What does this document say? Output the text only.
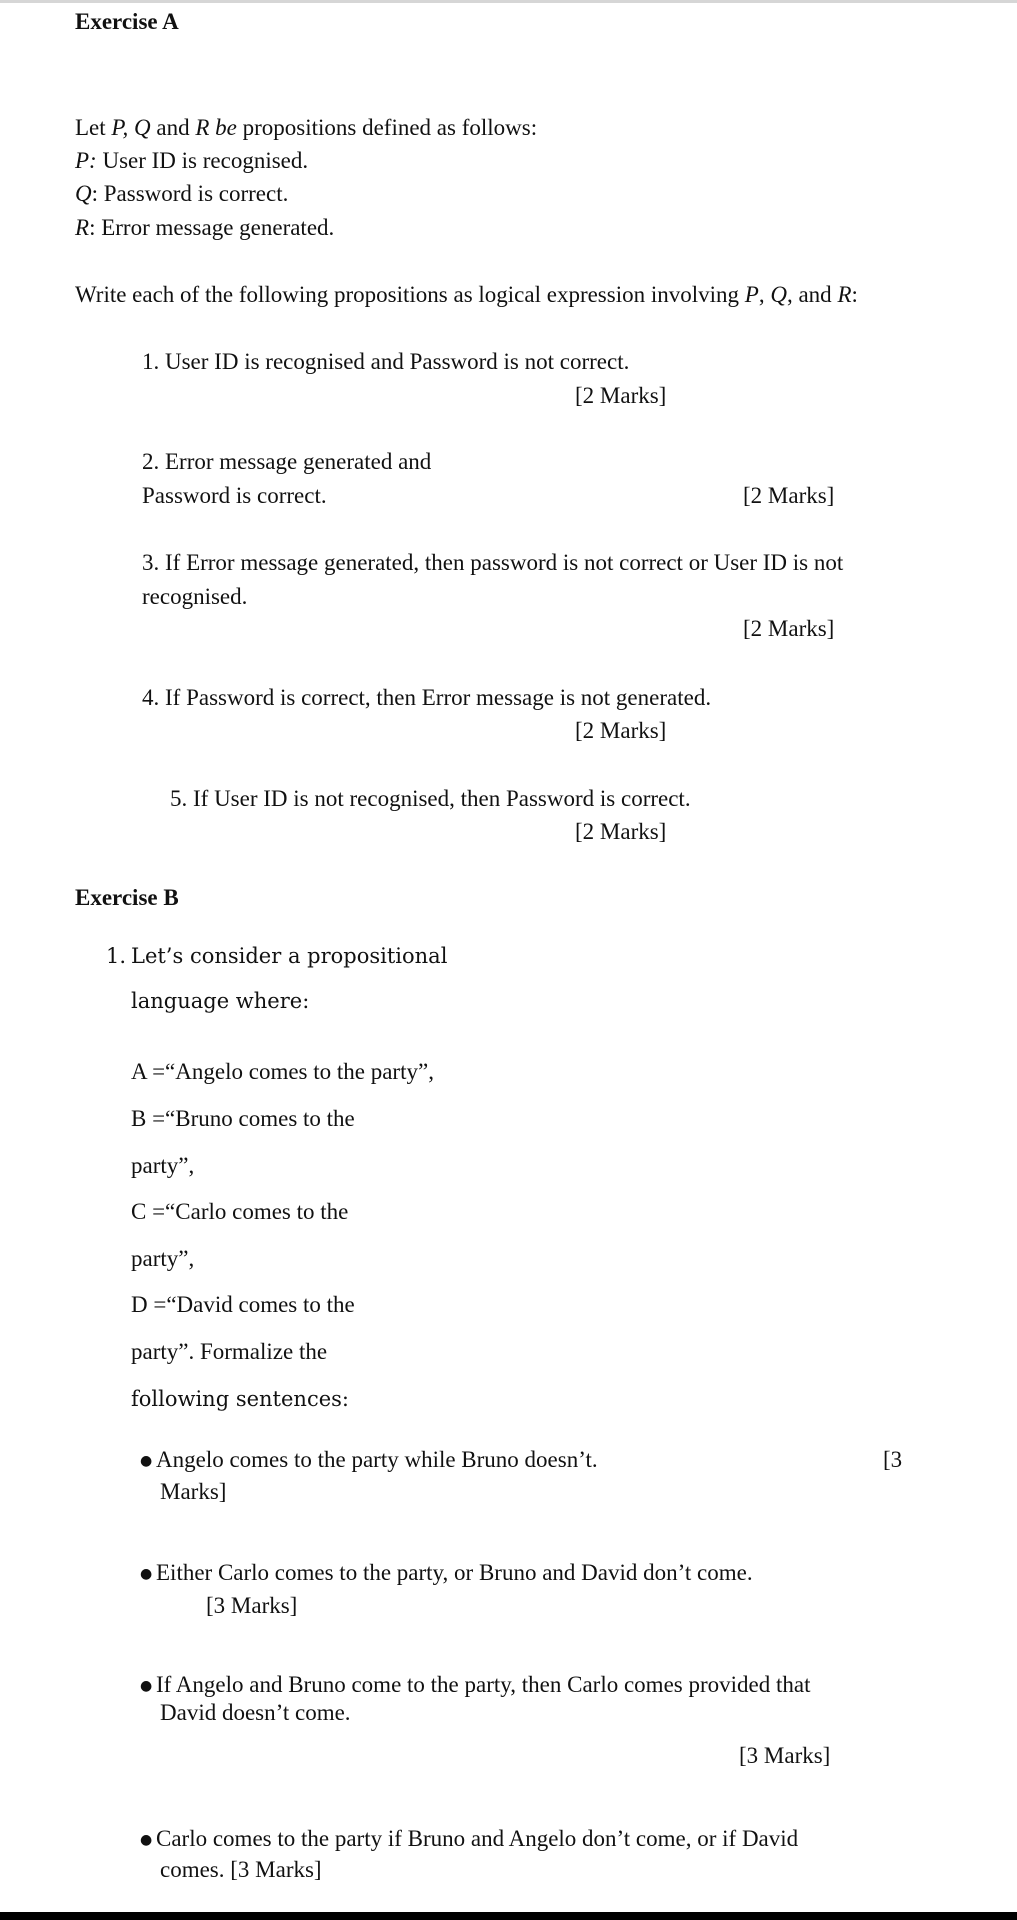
Exercise A

Let P, Q and R be propositions defined as follows:

P: User ID is recognised.

Q: Password is correct.

R: Error message generated.

Write each of the following propositions as logical expression involving P, Q, and R:

1. User ID is recognised and Password is not correct.

[2 Marks]

2. Error message generated and

Password is correct.	[2 Marks]

3. If Error message generated, then password is not correct or User ID is not

recognised.

[2 Marks]

4. If Password is correct, then Error message is not generated.

[2 Marks]

5. If User ID is not recognised, then Password is correct.

[2 Marks]

Exercise B

1. Let’s consider a propositional

language where:

A =“Angelo comes to the party”,

B =“Bruno comes to the

party”,

C =“Carlo comes to the

party”,

D =“David comes to the

party”. Formalize the

following sentences:

● Angelo comes to the party while Bruno doesn’t.	[3

Marks]

● Either Carlo comes to the party, or Bruno and David don’t come.

[3 Marks]

● If Angelo and Bruno come to the party, then Carlo comes provided that

David doesn’t come.

[3 Marks]

● Carlo comes to the party if Bruno and Angelo don’t come, or if David

comes. [3 Marks]
